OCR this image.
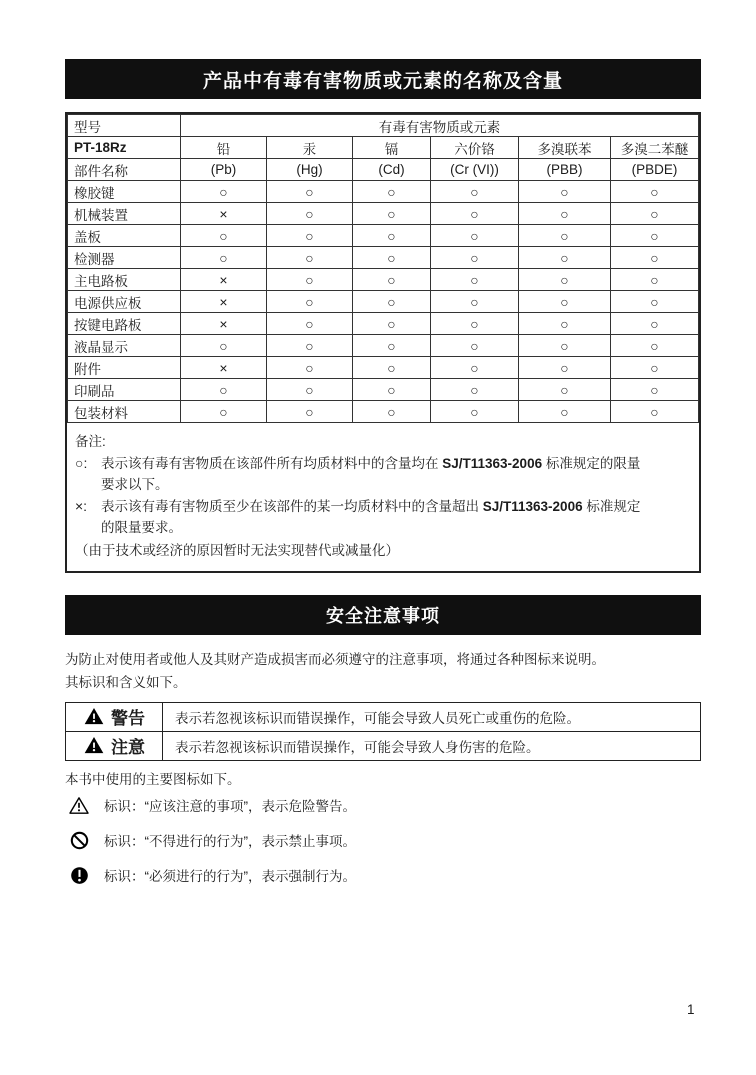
产品中有毒有害物质或元素的名称及含量
型号	有毒有害物质或元素					
PT-18Rz	铅	汞	镉	六价铬	多溴联苯	多溴二苯醚
部件名称	(Pb)	(Hg)	(Cd)	(Cr (VI))	(PBB)	(PBDE)
橡胶键	○	○	○	○	○	○
机械装置	×	○	○	○	○	○
盖板	○	○	○	○	○	○
检测器	○	○	○	○	○	○
主电路板	×	○	○	○	○	○
电源供应板	×	○	○	○	○	○
按键电路板	×	○	○	○	○	○
液晶显示	○	○	○	○	○	○
附件	×	○	○	○	○	○
印刷品	○	○	○	○	○	○
包装材料	○	○	○	○	○	○
备注:
○:	表示该有毒有害物质在该部件所有均质材料中的含量均在 SJ/T11363-2006 标准规定的限量
要求以下。
×:	表示该有毒有害物质至少在该部件的某一均质材料中的含量超出 SJ/T11363-2006 标准规定
的限量要求。
（由于技术或经济的原因暂时无法实现替代或减量化）
安全注意事项
为防止对使用者或他人及其财产造成损害而必须遵守的注意事项，将通过各种图标来说明。
其标识和含义如下。
警告	表示若忽视该标识而错误操作，可能会导致人员死亡或重伤的危险。

注意	表示若忽视该标识而错误操作，可能会导致人身伤害的危险。
本书中使用的主要图标如下。
标识：“应该注意的事项”，表示危险警告。
标识：“不得进行的行为”，表示禁止事项。
标识：“必须进行的行为”，表示强制行为。
1
